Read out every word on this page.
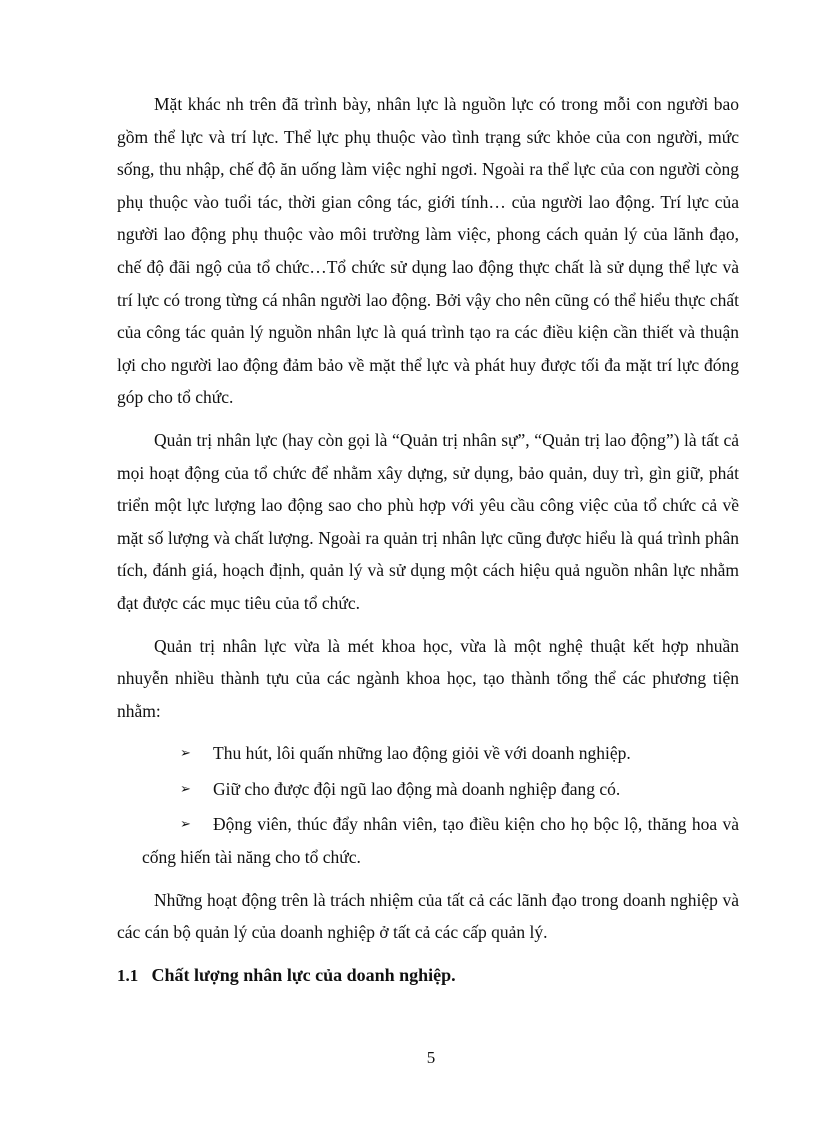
Mặt khác nh trên đã trình bày, nhân lực là nguồn lực có trong mỗi con người bao gồm thể lực và trí lực. Thể lực phụ thuộc vào tình trạng sức khỏe của con người, mức sống, thu nhập, chế độ ăn uống làm việc nghỉ ngơi. Ngoài ra thể lực của con người còng phụ thuộc vào tuổi tác, thời gian công tác, giới tính… của người lao động. Trí lực của người lao động phụ thuộc vào môi trường làm việc, phong cách quản lý của lãnh đạo, chế độ đãi ngộ của tổ chức…Tổ chức sử dụng lao động thực chất là sử dụng thể lực và trí lực có trong từng cá nhân người lao động. Bởi vậy cho nên cũng có thể hiểu thực chất của công tác quản lý nguồn nhân lực là quá trình tạo ra các điều kiện cần thiết và thuận lợi cho người lao động đảm bảo về mặt thể lực và phát huy được tối đa mặt trí lực đóng góp cho tổ chức.

Quản trị nhân lực (hay còn gọi là “Quản trị nhân sự”, “Quản trị lao động”) là tất cả mọi hoạt động của tổ chức để nhằm xây dựng, sử dụng, bảo quản, duy trì, gìn giữ, phát triển một lực lượng lao động sao cho phù hợp với yêu cầu công việc của tổ chức cả về mặt số lượng và chất lượng. Ngoài ra quản trị nhân lực cũng được hiểu là quá trình phân tích, đánh giá, hoạch định, quản lý và sử dụng một cách hiệu quả nguồn nhân lực nhằm đạt được các mục tiêu của tổ chức.

Quản trị nhân lực vừa là mét khoa học, vừa là một nghệ thuật kết hợp nhuần nhuyễn nhiều thành tựu của các ngành khoa học, tạo thành tổng thể các phương tiện nhằm:

➢ Thu hút, lôi quấn những lao động giỏi về với doanh nghiệp.
➢ Giữ cho được đội ngũ lao động mà doanh nghiệp đang có.
➢ Động viên, thúc đẩy nhân viên, tạo điều kiện cho họ bộc lộ, thăng hoa và cống hiến tài năng cho tổ chức.

Những hoạt động trên là trách nhiệm của tất cả các lãnh đạo trong doanh nghiệp và các cán bộ quản lý của doanh nghiệp ở tất cả các cấp quản lý.

1.1 Chất lượng nhân lực của doanh nghiệp.

5
